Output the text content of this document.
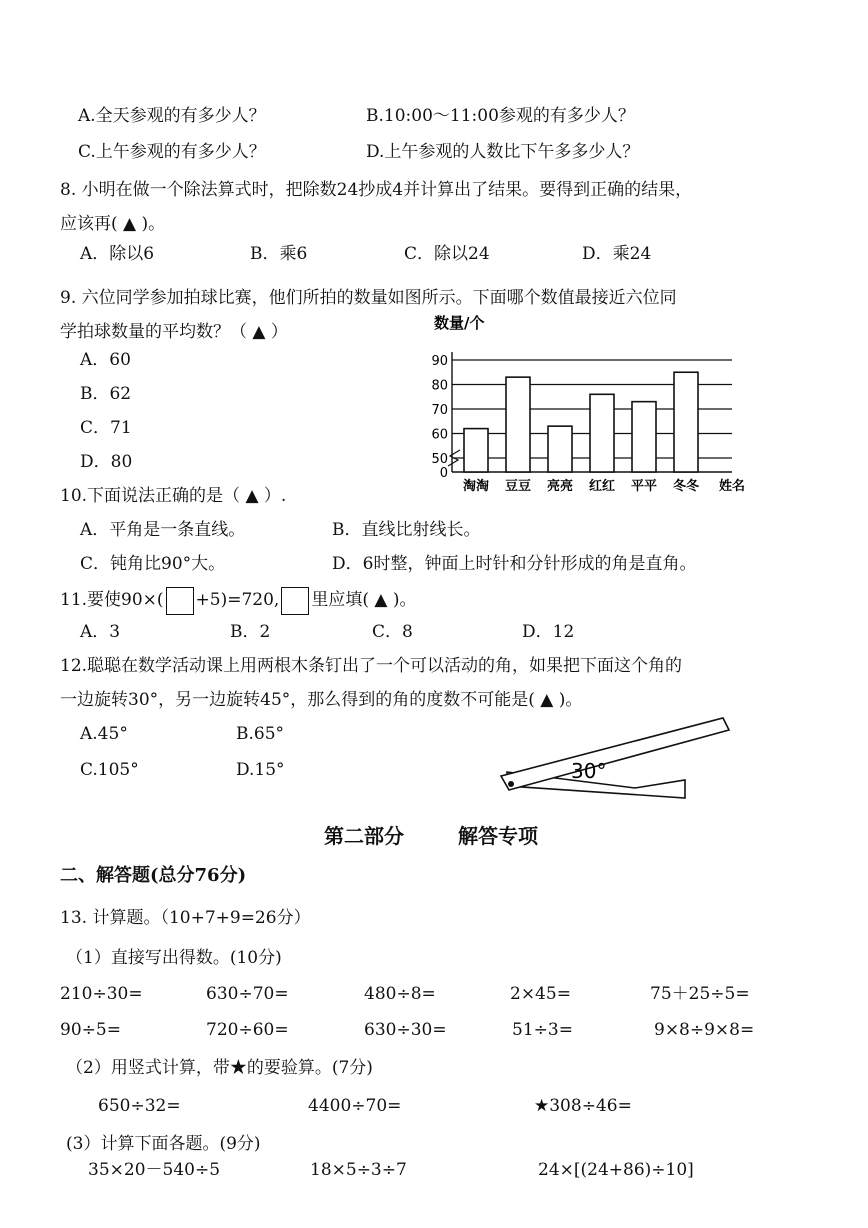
A.全天参观的有多少人？	B.10:00～11:00参观的有多少人？
C.上午参观的有多少人？	D.上午参观的人数比下午多多少人？
8. 小明在做一个除法算式时，把除数24抄成4并计算出了结果。要得到正确的结果，
应该再( ▲ )。
A．除以6	B．乘6	C．除以24	D．乘24
9. 六位同学参加拍球比赛，他们所拍的数量如图所示。下面哪个数值最接近六位同
学拍球数量的平均数？（ ▲ ）
A．60
B．62
C．71
D．80
数量/个
50
60
70
80
90
0
淘淘 豆豆 亮亮 红红 平平 冬冬 姓名
10.下面说法正确的是（ ▲ ）.
A．平角是一条直线。	B．直线比射线长。
C．钝角比90°大。	D．6时整，钟面上时针和分针形成的角是直角。
11.要使90×( +5)=720, 里应填( ▲ )。
A．3	B．2	C．8	D．12
12.聪聪在数学活动课上用两根木条钉出了一个可以活动的角，如果把下面这个角的
一边旋转30°，另一边旋转45°，那么得到的角的度数不可能是( ▲ )。
A.45°	B.65°
C.105°	D.15°	30°
第二部分	解答专项
二、解答题(总分76分)
13. 计算题。（10+7+9=26分）
（1）直接写出得数。(10分)
210÷30=	630÷70=	480÷8=	2×45=	75＋25÷5=
90÷5=	720÷60=	630÷30=	51÷3=	9×8÷9×8=
（2）用竖式计算，带★的要验算。(7分)
650÷32=	4400÷70=	★308÷46=
(3）计算下面各题。(9分)
35×20－540÷5	18×5÷3÷7	24×[(24+86)÷10]
